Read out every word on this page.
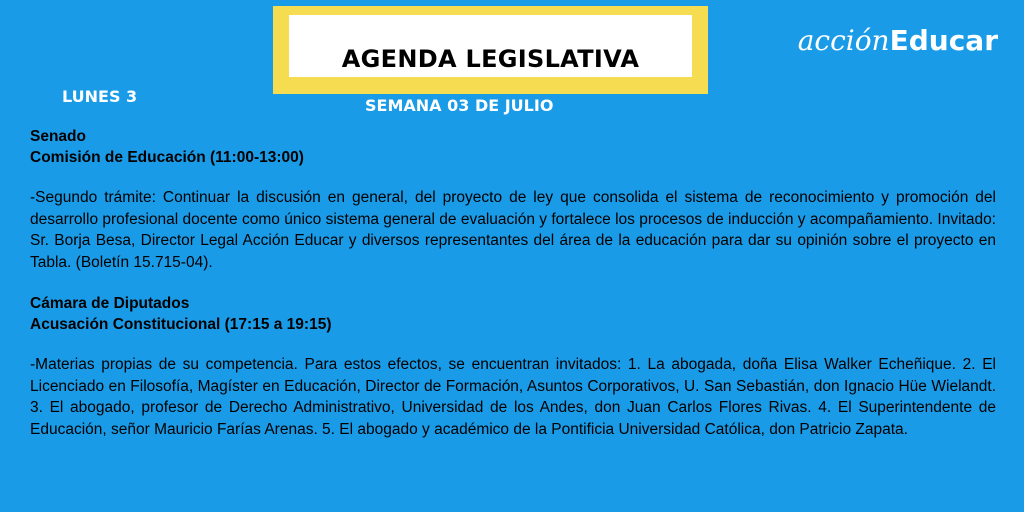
AGENDA LEGISLATIVA
acciónEducar
LUNES 3	SEMANA 03 DE JULIO

Senado

Comisión de Educación (11:00-13:00)

-Segundo trámite: Continuar la discusión en general, del proyecto de ley que consolida el sistema de reconocimiento y promoción del desarrollo profesional docente como único sistema general de evaluación y fortalece los procesos de inducción y acompañamiento. Invitado: Sr. Borja Besa, Director Legal Acción Educar y diversos representantes del área de la educación para dar su opinión sobre el proyecto en Tabla. (Boletín 15.715-04).

Cámara de Diputados

Acusación Constitucional (17:15 a 19:15)

-Materias propias de su competencia. Para estos efectos, se encuentran invitados: 1. La abogada, doña Elisa Walker Echeñique. 2. El Licenciado en Filosofía, Magíster en Educación, Director de Formación, Asuntos Corporativos, U. San Sebastián, don Ignacio Hüe Wielandt. 3. El abogado, profesor de Derecho Administrativo, Universidad de los Andes, don Juan Carlos Flores Rivas. 4. El Superintendente de Educación, señor Mauricio Farías Arenas. 5. El abogado y académico de la Pontificia Universidad Católica, don Patricio Zapata.
